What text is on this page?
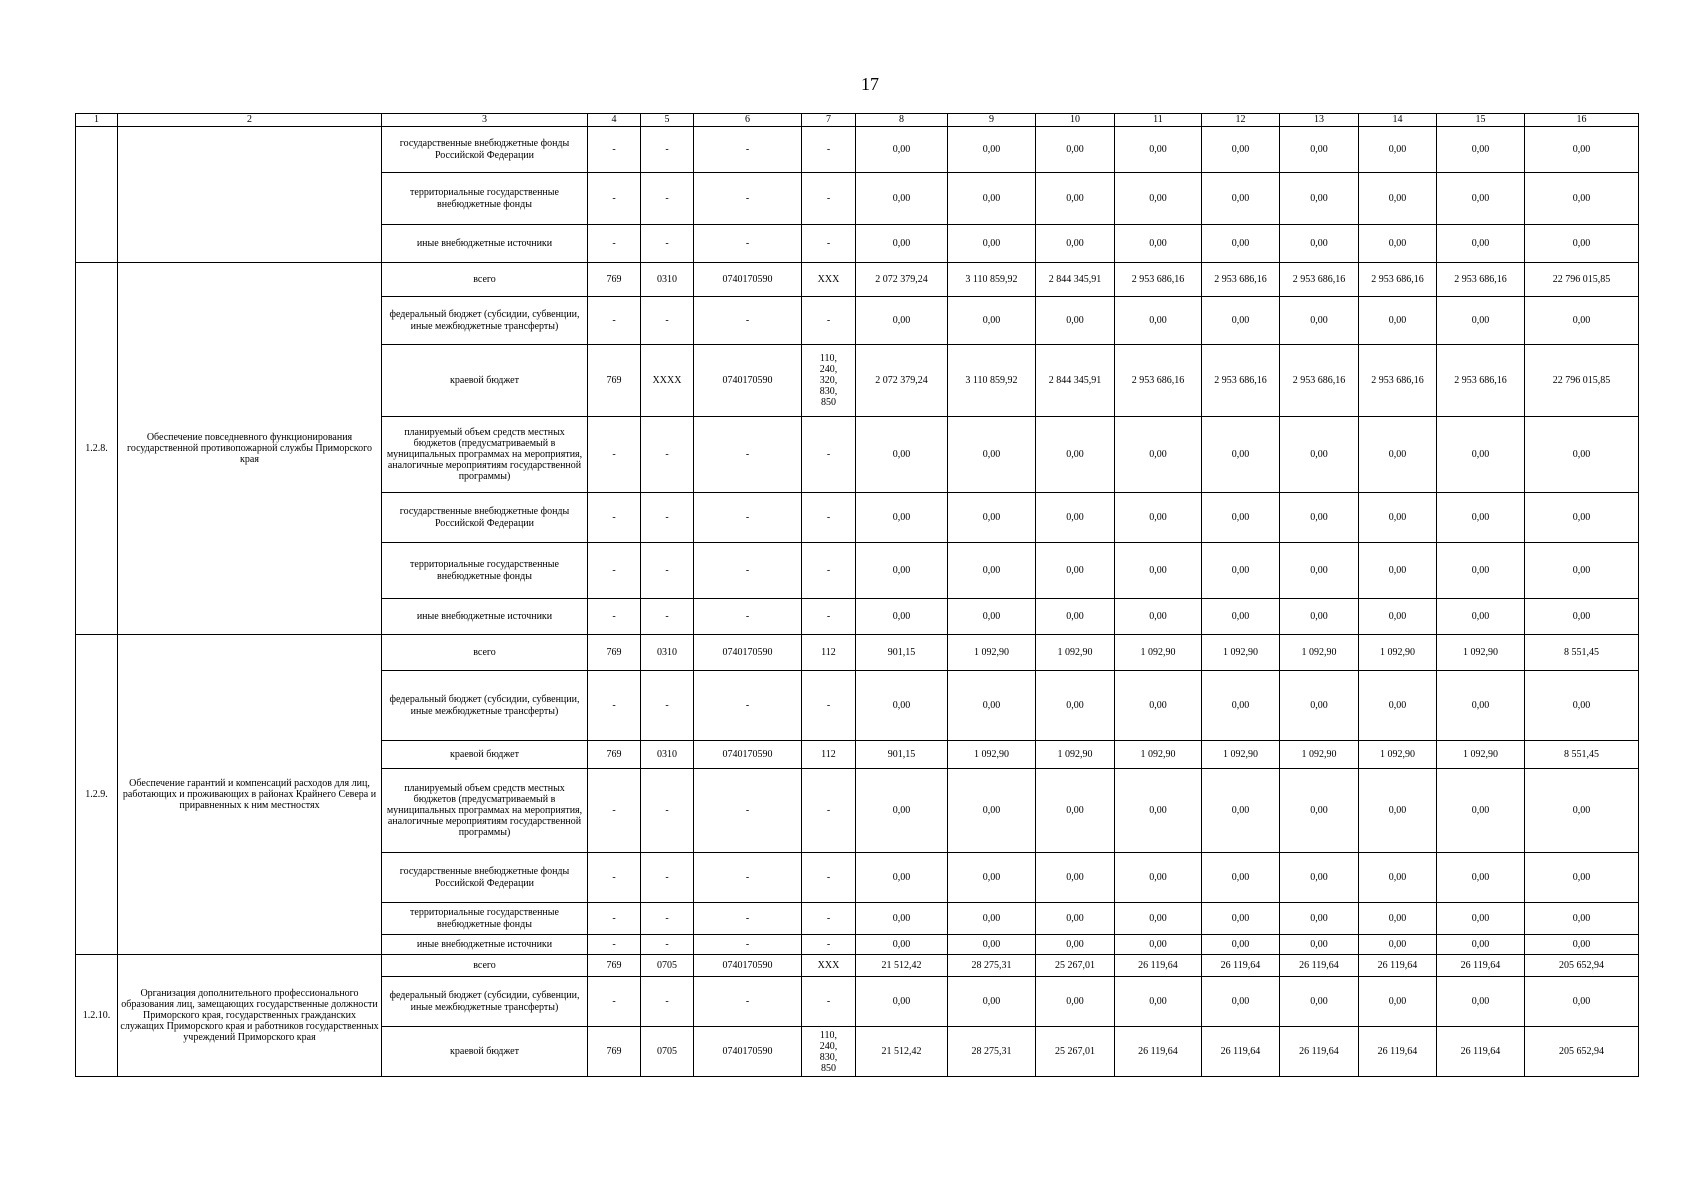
17
1	2	3	4	5	6	7	8	9	10	11	12	13	14	15	16
		государственные внебюджетные фонды Российской Федерации	-	-	-	-	0,00	0,00	0,00	0,00	0,00	0,00	0,00	0,00	0,00
		территориальные государственные внебюджетные фонды	-	-	-	-	0,00	0,00	0,00	0,00	0,00	0,00	0,00	0,00	0,00
		иные внебюджетные источники	-	-	-	-	0,00	0,00	0,00	0,00	0,00	0,00	0,00	0,00	0,00
1.2.8.	Обеспечение повседневного функционирования государственной противопожарной службы Приморского края	всего	769	0310	0740170590	XXX	2 072 379,24	3 110 859,92	2 844 345,91	2 953 686,16	2 953 686,16	2 953 686,16	2 953 686,16	2 953 686,16	22 796 015,85
		федеральный бюджет (субсидии, субвенции, иные межбюджетные трансферты)	-	-	-	-	0,00	0,00	0,00	0,00	0,00	0,00	0,00	0,00	0,00
		краевой бюджет	769	XXXX	0740170590	110,
240,
320,
830,
850	2 072 379,24	3 110 859,92	2 844 345,91	2 953 686,16	2 953 686,16	2 953 686,16	2 953 686,16	2 953 686,16	22 796 015,85
		планируемый объем средств местных бюджетов (предусматриваемый в муниципальных программах на мероприятия, аналогичные мероприятиям государственной программы)	-	-	-	-	0,00	0,00	0,00	0,00	0,00	0,00	0,00	0,00	0,00
		государственные внебюджетные фонды Российской Федерации	-	-	-	-	0,00	0,00	0,00	0,00	0,00	0,00	0,00	0,00	0,00
		территориальные государственные внебюджетные фонды	-	-	-	-	0,00	0,00	0,00	0,00	0,00	0,00	0,00	0,00	0,00
		иные внебюджетные источники	-	-	-	-	0,00	0,00	0,00	0,00	0,00	0,00	0,00	0,00	0,00
1.2.9.	Обеспечение гарантий и компенсаций расходов для лиц, работающих и проживающих в районах Крайнего Севера и приравненных к ним местностях	всего	769	0310	0740170590	112	901,15	1 092,90	1 092,90	1 092,90	1 092,90	1 092,90	1 092,90	1 092,90	8 551,45
		федеральный бюджет (субсидии, субвенции, иные межбюджетные трансферты)	-	-	-	-	0,00	0,00	0,00	0,00	0,00	0,00	0,00	0,00	0,00
		краевой бюджет	769	0310	0740170590	112	901,15	1 092,90	1 092,90	1 092,90	1 092,90	1 092,90	1 092,90	1 092,90	8 551,45
		планируемый объем средств местных бюджетов (предусматриваемый в муниципальных программах на мероприятия, аналогичные мероприятиям государственной программы)	-	-	-	-	0,00	0,00	0,00	0,00	0,00	0,00	0,00	0,00	0,00
		государственные внебюджетные фонды Российской Федерации	-	-	-	-	0,00	0,00	0,00	0,00	0,00	0,00	0,00	0,00	0,00
		территориальные государственные внебюджетные фонды	-	-	-	-	0,00	0,00	0,00	0,00	0,00	0,00	0,00	0,00	0,00
		иные внебюджетные источники	-	-	-	-	0,00	0,00	0,00	0,00	0,00	0,00	0,00	0,00	0,00
1.2.10.	Организация дополнительного профессионального образования лиц, замещающих государственные должности Приморского края, государственных гражданских служащих Приморского края и работников государственных учреждений Приморского края	всего	769	0705	0740170590	XXX	21 512,42	28 275,31	25 267,01	26 119,64	26 119,64	26 119,64	26 119,64	26 119,64	205 652,94
		федеральный бюджет (субсидии, субвенции, иные межбюджетные трансферты)	-	-	-	-	0,00	0,00	0,00	0,00	0,00	0,00	0,00	0,00	0,00
		краевой бюджет	769	0705	0740170590	110,
240,
830,
850	21 512,42	28 275,31	25 267,01	26 119,64	26 119,64	26 119,64	26 119,64	26 119,64	205 652,94
